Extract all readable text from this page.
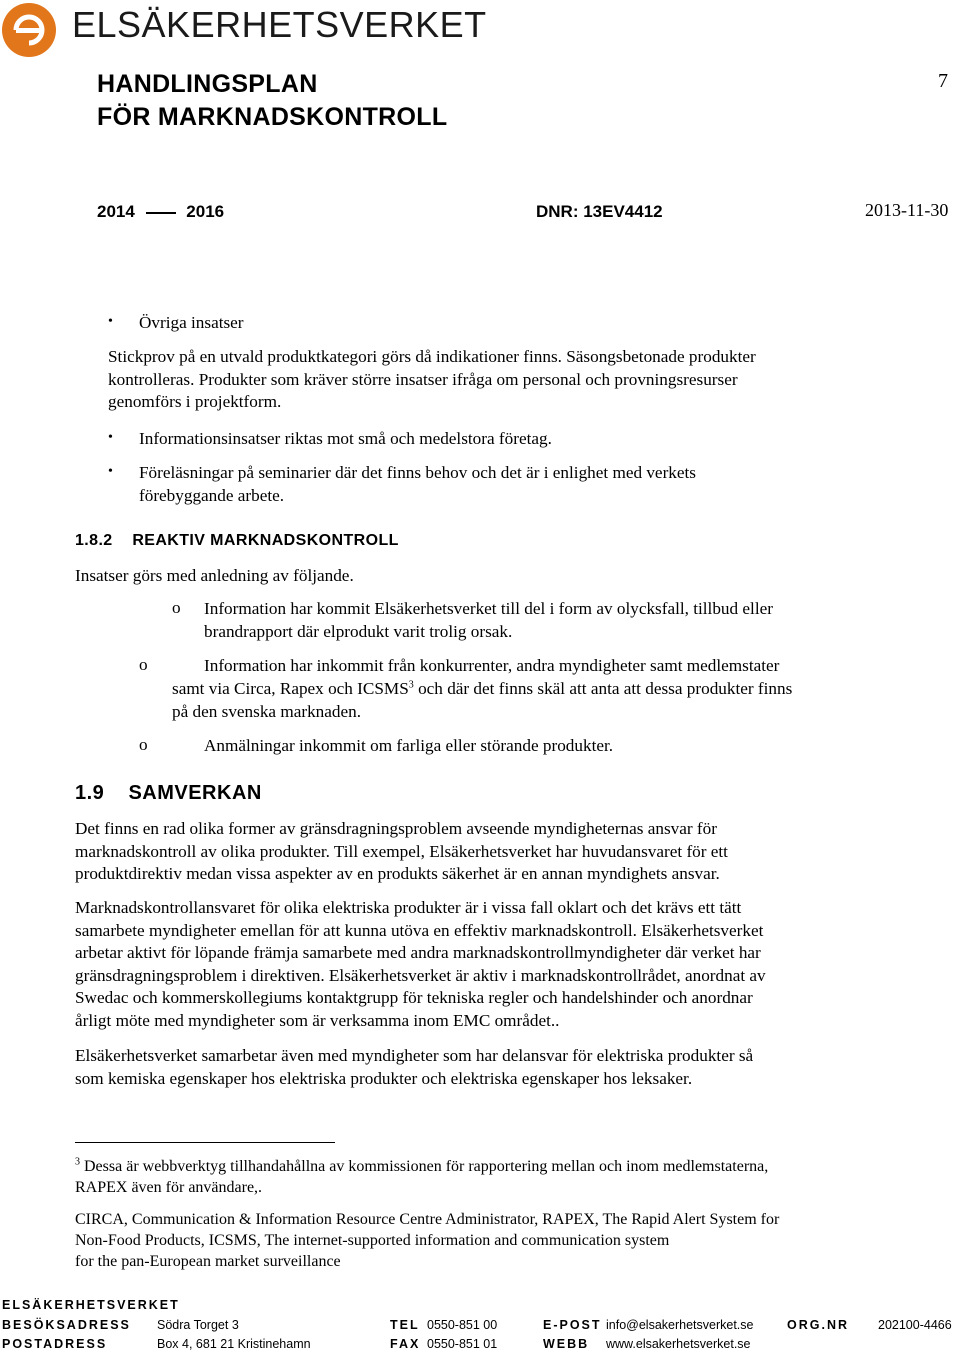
ELSÄKERHETSVERKET
HANDLINGSPLAN
FÖR MARKNADSKONTROLL
7
2014	2016	DNR: 13EV4412	2013-11-30
• Övriga insatser
Stickprov på en utvald produktkategori görs då indikationer finns. Säsongsbetonade produkter
kontrolleras. Produkter som kräver större insatser ifråga om personal och provningsresurser
genomförs i projektform.
• Informationsinsatser riktas mot små och medelstora företag.
• Föreläsningar på seminarier där det finns behov och det är i enlighet med verkets
förebyggande arbete.
1.8.2 REAKTIV MARKNADSKONTROLL
Insatser görs med anledning av följande.
o Information har kommit Elsäkerhetsverket till del i form av olycksfall, tillbud eller
brandrapport där elprodukt varit trolig orsak.
o	Information har inkommit från konkurrenter, andra myndigheter samt medlemstater
samt via Circa, Rapex och ICSMS$^3$ och där det finns skäl att anta att dessa produkter finns
på den svenska marknaden.
o	Anmälningar inkommit om farliga eller störande produkter.
1.9 SAMVERKAN
Det finns en rad olika former av gränsdragningsproblem avseende myndigheternas ansvar för
marknadskontroll av olika produkter. Till exempel, Elsäkerhetsverket har huvudansvaret för ett
produktdirektiv medan vissa aspekter av en produkts säkerhet är en annan myndighets ansvar.
Marknadskontrollansvaret för olika elektriska produkter är i vissa fall oklart och det krävs ett tätt
samarbete myndigheter emellan för att kunna utöva en effektiv marknadskontroll. Elsäkerhetsverket
arbetar aktivt för löpande främja samarbete med andra marknadskontrollmyndigheter där verket har
gränsdragningsproblem i direktiven. Elsäkerhetsverket är aktiv i marknadskontrollrådet, anordnat av
Swedac och kommerskollegiums kontaktgrupp för tekniska regler och handelshinder och anordnar
årligt möte med myndigheter som är verksamma inom EMC området..
Elsäkerhetsverket samarbetar även med myndigheter som har delansvar för elektriska produkter så
som kemiska egenskaper hos elektriska produkter och elektriska egenskaper hos leksaker.
$^3$ Dessa är webbverktyg tillhandahållna av kommissionen för rapportering mellan och inom medlemstaterna,
RAPEX även för användare,.
CIRCA, Communication & Information Resource Centre Administrator, RAPEX, The Rapid Alert System for
Non-Food Products, ICSMS, The internet-supported information and communication system
for the pan-European market surveillance
ELSÄKERHETSVERKET
BESÖKSADRESS Södra Torget 3	TEL 0550-851 00	E-POST info@elsakerhetsverket.se	ORG.NR 202100-4466
POSTADRESS	Box 4, 681 21 Kristinehamn	FAX 0550-851 01	WEBB www.elsakerhetsverket.se
